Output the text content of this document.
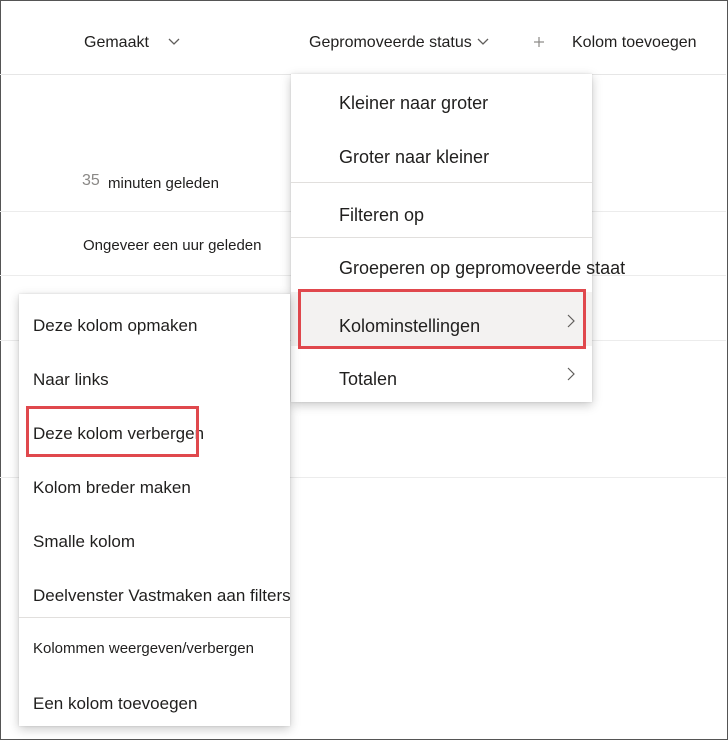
Gemaakt	Gepromoveerde status	Kolom toevoegen
35 minuten geleden
Ongeveer een uur geleden
Kleiner naar groter
Groter naar kleiner
Filteren op
Groeperen op gepromoveerde staat
Kolominstellingen
Totalen
Deze kolom opmaken
Naar links
Deze kolom verbergen
Kolom breder maken
Smalle kolom
Deelvenster Vastmaken aan filters
Kolommen weergeven/verbergen
Een kolom toevoegen
